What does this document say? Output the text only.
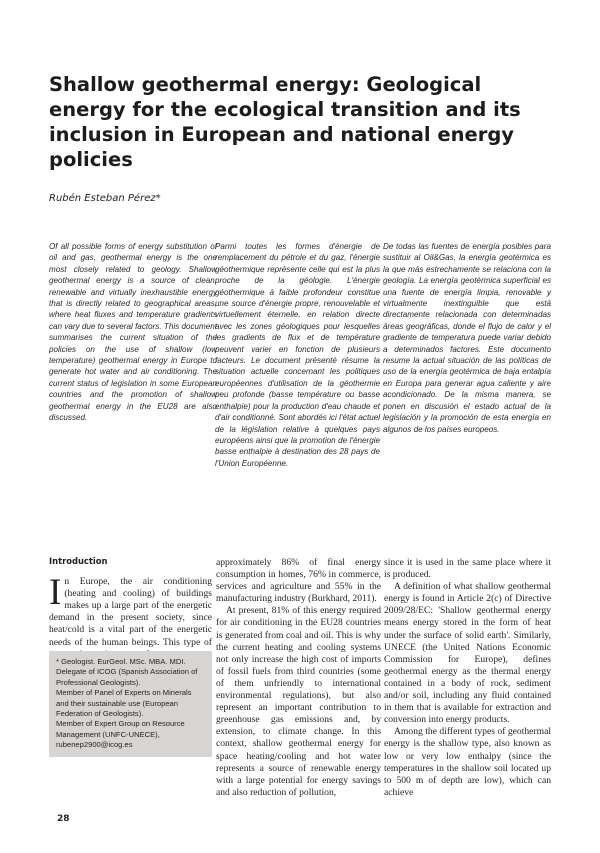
Shallow geothermal energy: Geological energy for the ecological transition and its inclusion in European and national energy policies

Rubén Esteban Pérez*

Of all possible forms of energy substitution of oil and gas, geothermal energy is the one most closely related to geology. Shallow geothermal energy is a source of clean, renewable and virtually inexhaustible energy that is directly related to geographical areas, where heat fluxes and temperature gradients can vary due to several factors. This document summarises the current situation of the policies on the use of shallow (low temperature) geothermal energy in Europe to generate hot water and air conditioning. The current status of legislation in some European countries and the promotion of shallow geothermal energy in the EU28 are also discussed.

Parmi toutes les formes d'énergie de remplacement du pétrole et du gaz, l'énergie géothermique représente celle qui est la plus proche de la géologie. L'énergie géothermique à faible profondeur constitue une source d'énergie propre, renouvelable et virtuellement éternelle, en relation directe avec les zones géologiques pour lesquelles les gradients de flux et de température peuvent varier en fonction de plusieurs facteurs. Le document présenté résume la situation actuelle concernant les politiques européennes d'utilisation de la géothermie peu profonde (basse température ou basse enthalpie) pour la production d'eau chaude et d'air conditionné. Sont abordés ici l'état actuel de la législation relative à quelques pays européens ainsi que la promotion de l'énergie basse enthalpie à destination des 28 pays de l'Union Européenne.

De todas las fuentes de energía posibles para sustituir al Oil&Gas, la energía geotérmica es la que más estrechamente se relaciona con la geología. La energía geotérmica superficial es una fuente de energía limpia, renovable y virtualmente inextinguible que está directamente relacionada con determinadas áreas geográficas, donde el flujo de calor y el gradiente de temperatura puede variar debido a determinados factores. Este documento resume la actual situación de las políticas de uso de la energía geotérmica de baja entalpía en Europa para generar agua caliente y aire acondicionado. De la misma manera, se ponen en discusión el estado actual de la legislación y la promoción de esta energía en algunos de los países europeos.

Introduction

In Europe, the air conditioning (heating and cooling) of buildings makes up a large part of the energetic demand in the present society, since heat/cold is a vital part of the energetic needs of the human beings. This type of

* Geologist. EurGeol. MSc. MBA. MDI.

Delegate of ICOG (Spanish Association of Professional Geologists).

Member of Panel of Experts on Minerals and their sustainable use (European Federation of Geologists).

Member of Expert Group on Resource Management (UNFC-UNECE),

rubenep2900@icog.es

approximately 86% of final energy consumption in homes, 76% in commerce, services and agriculture and 55% in the manufacturing industry (Burkhard, 2011).

At present, 81% of this energy required for air conditioning in the EU28 countries is generated from coal and oil. This is why the current heating and cooling systems not only increase the high cost of imports of fossil fuels from third countries (some of them unfriendly to international environmental regulations), but also represent an important contribution to greenhouse gas emissions and, by extension, to climate change. In this context, shallow geothermal energy for space heating/cooling and hot water represents a source of renewable energy with a large potential for energy savings and also reduction of pollution,

since it is used in the same place where it is produced.

A definition of what shallow geothermal energy is found in Article 2(c) of Directive 2009/28/EC: 'Shallow geothermal energy means energy stored in the form of heat under the surface of solid earth'. Similarly, UNECE (the United Nations Economic Commission for Europe), defines geothermal energy as the thermal energy contained in a body of rock, sediment and/or soil, including any fluid contained in them that is available for extraction and conversion into energy products.

Among the different types of geothermal energy is the shallow type, also known as low or very low enthalpy (since the temperatures in the shallow soil located up to 500 m of depth are low), which can achieve

28
